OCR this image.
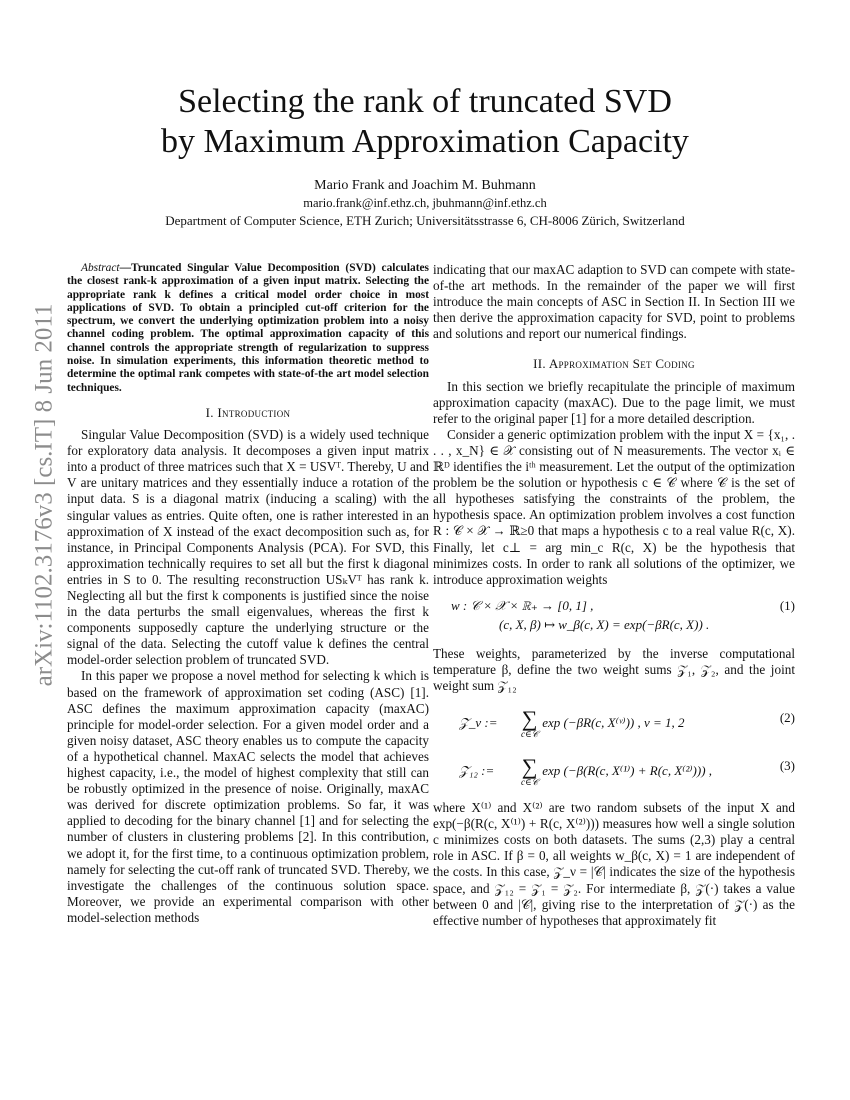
arXiv:1102.3176v3 [cs.IT] 8 Jun 2011
Selecting the rank of truncated SVD
by Maximum Approximation Capacity
Mario Frank and Joachim M. Buhmann
mario.frank@inf.ethz.ch, jbuhmann@inf.ethz.ch
Department of Computer Science, ETH Zurich; Universitätsstrasse 6, CH-8006 Zürich, Switzerland

Abstract—Truncated Singular Value Decomposition (SVD) calculates the closest rank-k approximation of a given input matrix. Selecting the appropriate rank k defines a critical model order choice in most applications of SVD. To obtain a principled cut-off criterion for the spectrum, we convert the underlying optimization problem into a noisy channel coding problem. The optimal approximation capacity of this channel controls the appropriate strength of regularization to suppress noise. In simulation experiments, this information theoretic method to determine the optimal rank competes with state-of-the art model selection techniques.

I. Introduction

Singular Value Decomposition (SVD) is a widely used technique for exploratory data analysis. It decomposes a given input matrix into a product of three matrices such that X = USVᵀ. Thereby, U and V are unitary matrices and they essentially induce a rotation of the input data. S is a diagonal matrix (inducing a scaling) with the singular values as entries. Quite often, one is rather interested in an approximation of X instead of the exact decomposition such as, for instance, in Principal Components Analysis (PCA). For SVD, this approximation technically requires to set all but the first k diagonal entries in S to 0. The resulting reconstruction USₖVᵀ has rank k. Neglecting all but the first k components is justified since the noise in the data perturbs the small eigenvalues, whereas the first k components supposedly capture the underlying structure or the signal of the data. Selecting the cutoff value k defines the central model-order selection problem of truncated SVD.

In this paper we propose a novel method for selecting k which is based on the framework of approximation set coding (ASC) [1]. ASC defines the maximum approximation capacity (maxAC) principle for model-order selection. For a given model order and a given noisy dataset, ASC theory enables us to compute the capacity of a hypothetical channel. MaxAC selects the model that achieves highest capacity, i.e., the model of highest complexity that still can be robustly optimized in the presence of noise. Originally, maxAC was derived for discrete optimization problems. So far, it was applied to decoding for the binary channel [1] and for selecting the number of clusters in clustering problems [2]. In this contribution, we adopt it, for the first time, to a continuous optimization problem, namely for selecting the cut-off rank of truncated SVD. Thereby, we investigate the challenges of the continuous solution space. Moreover, we provide an experimental comparison with other model-selection methods

indicating that our maxAC adaption to SVD can compete with state-of-the art methods. In the remainder of the paper we will first introduce the main concepts of ASC in Section II. In Section III we then derive the approximation capacity for SVD, point to problems and solutions and report our numerical findings.

II. Approximation Set Coding

In this section we briefly recapitulate the principle of maximum approximation capacity (maxAC). Due to the page limit, we must refer to the original paper [1] for a more detailed description.

Consider a generic optimization problem with the input X = {x₁, . . . , x_N} ∈ 𝒳 consisting out of N measurements. The vector xᵢ ∈ ℝᴰ identifies the iᵗʰ measurement. Let the output of the optimization problem be the solution or hypothesis c ∈ 𝒞 where 𝒞 is the set of all hypotheses satisfying the constraints of the problem, the hypothesis space. An optimization problem involves a cost function R : 𝒞 × 𝒳 → ℝ≥0 that maps a hypothesis c to a real value R(c, X). Finally, let c⊥ = arg min_c R(c, X) be the hypothesis that minimizes costs. In order to rank all solutions of the optimizer, we introduce approximation weights

(1)
w : 𝒞 × 𝒳 × ℝ₊ → [0, 1] ,
(c, X, β) ↦ w_β(c, X) = exp(−βR(c, X)) .

These weights, parameterized by the inverse computational temperature β, define the two weight sums 𝒵₁, 𝒵₂, and the joint weight sum 𝒵₁₂

(2)
𝒵_ν :=	∑
c∈𝒞
exp (−βR(c, X⁽ᵛ⁾)) , ν = 1, 2
(3)
𝒵₁₂ :=	∑
c∈𝒞
exp (−β(R(c, X⁽¹⁾) + R(c, X⁽²⁾))) ,

where X⁽¹⁾ and X⁽²⁾ are two random subsets of the input X and exp(−β(R(c, X⁽¹⁾) + R(c, X⁽²⁾))) measures how well a single solution c minimizes costs on both datasets. The sums (2,3) play a central role in ASC. If β = 0, all weights w_β(c, X) = 1 are independent of the costs. In this case, 𝒵_ν = |𝒞| indicates the size of the hypothesis space, and 𝒵₁₂ = 𝒵₁ = 𝒵₂. For intermediate β, 𝒵(·) takes a value between 0 and |𝒞|, giving rise to the interpretation of 𝒵(·) as the effective number of hypotheses that approximately fit
